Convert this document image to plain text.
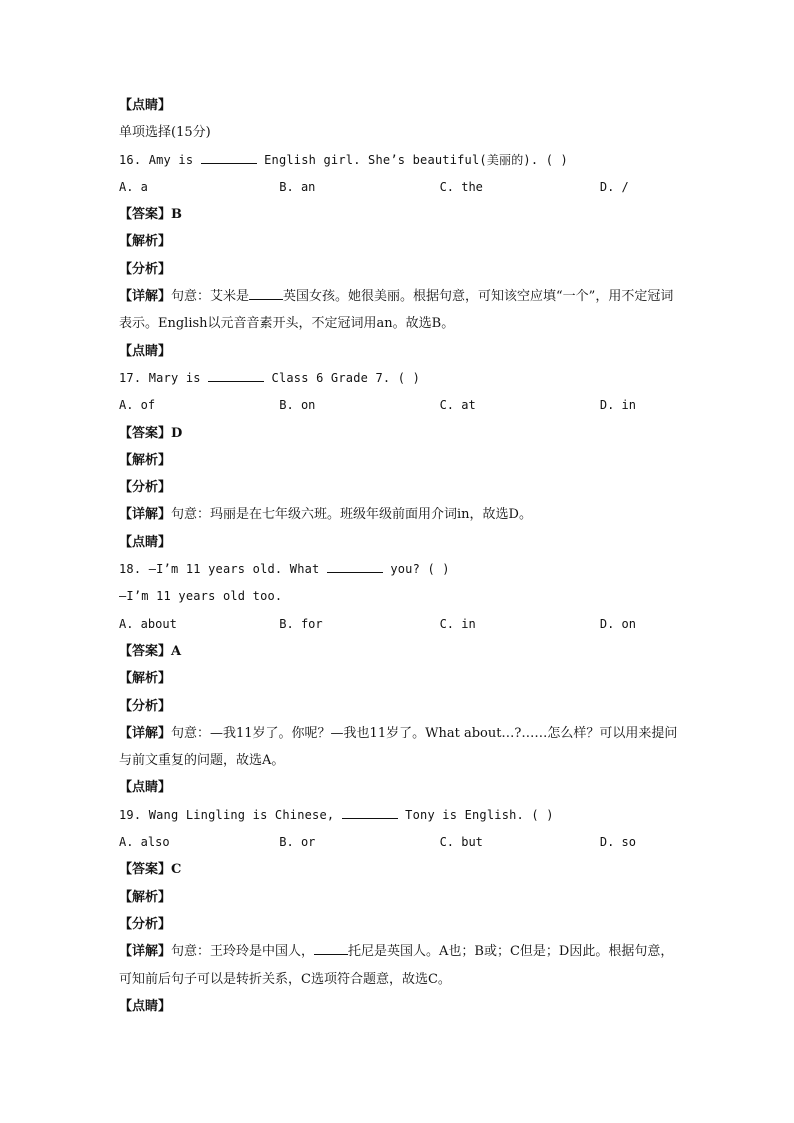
【点睛】
单项选择(15分)
16. Amy is	English girl. She’s beautiful(美丽的). ( )
A. a	B. an	C. the	D. /
【答案】B
【解析】
【分析】
【详解】句意：艾米是	英国女孩。她很美丽。根据句意，可知该空应填“一个”，用不定冠词表示。English以元音音素开头，不定冠词用an。故选B。
【点睛】
17. Mary is	Class 6 Grade 7. ( )
A. of	B. on	C. at	D. in
【答案】D
【解析】
【分析】
【详解】句意：玛丽是在七年级六班。班级年级前面用介词in，故选D。
【点睛】
18. —I’m 11 years old. What	you? ( )
—I’m 11 years old too.
A. about	B. for	C. in	D. on
【答案】A
【解析】
【分析】
【详解】句意：—我11岁了。你呢？—我也11岁了。What about…?……怎么样？可以用来提问与前文重复的问题，故选A。
【点睛】
19. Wang Lingling is Chinese,	Tony is English. ( )
A. also	B. or	C. but	D. so
【答案】C
【解析】
【分析】
【详解】句意：王玲玲是中国人，	托尼是英国人。A也；B或；C但是；D因此。根据句意，可知前后句子可以是转折关系，C选项符合题意，故选C。
【点睛】
